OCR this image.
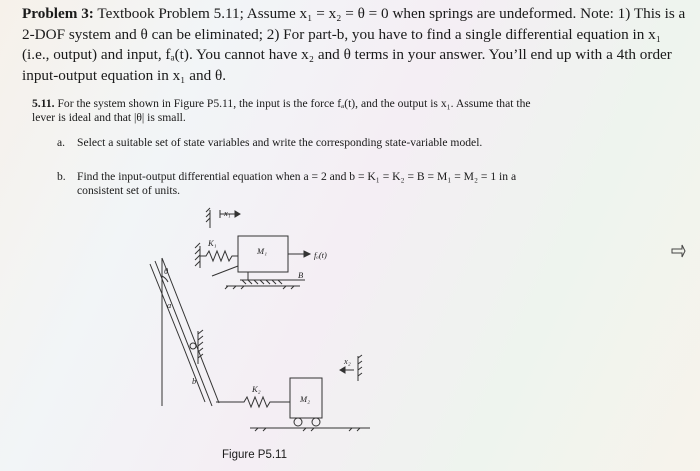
Problem 3: Textbook Problem 5.11; Assume x₁ = x₂ = θ = 0 when springs are undeformed. Note: 1) This is a 2-DOF system and θ can be eliminated; 2) For part-b, you have to find a single differential equation in x₁ (i.e., output) and input, fₐ(t). You cannot have x₂ and θ terms in your answer. You’ll end up with a 4th order input-output equation in x₁ and θ.

5.11. For the system shown in Figure P5.11, the input is the force fₐ(t), and the output is x₁. Assume that the lever is ideal and that |θ| is small.

a. Select a suitable set of state variables and write the corresponding state-variable model.

b. Find the input-output differential equation when a = 2 and b = K₁ = K₂ = B = M₁ = M₂ = 1 in a consistent set of units.

x₁
K₁
M₁	fₐ(t)
B
θ
a
b
K₂
M₂
x₂
Figure P5.11
